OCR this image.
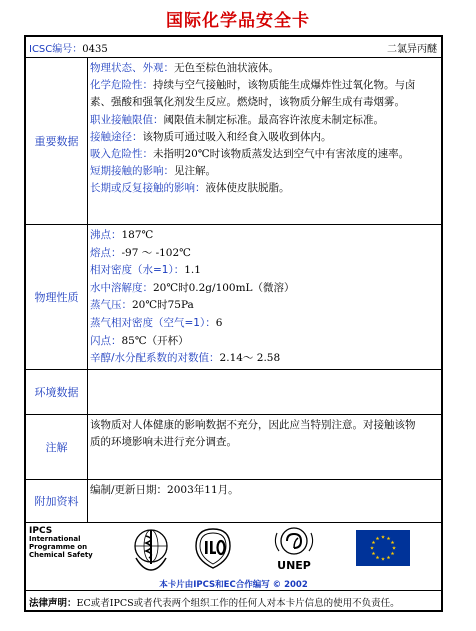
国际化学品安全卡
ICSC编号：0435	二氯异丙醚
重要数据
物理状态、外观：无色至棕色油状液体。
化学危险性：持续与空气接触时，该物质能生成爆炸性过氧化物。与卤
素、强酸和强氧化剂发生反应。燃烧时，该物质分解生成有毒烟雾。
职业接触限值：阈限值未制定标准。最高容许浓度未制定标准。
接触途径：该物质可通过吸入和经食入吸收到体内。
吸入危险性：未指明20℃时该物质蒸发达到空气中有害浓度的速率。
短期接触的影响：见注解。
长期或反复接触的影响：液体使皮肤脱脂。
物理性质
沸点：187℃
熔点：-97 ～ -102℃
相对密度（水=1）：1.1
水中溶解度：20℃时0.2g/100mL（微溶）
蒸气压：20℃时75Pa
蒸气相对密度（空气=1）：6
闪点：85℃（开杯）
辛醇/水分配系数的对数值：2.14～ 2.58
环境数据
注解
该物质对人体健康的影响数据不充分，因此应当特别注意。对接触该物
质的环境影响未进行充分调查。
附加资料
编制/更新日期：2003年11月。
IPCS
International
Programme on
Chemical Safety
UNEP
本卡片由IPCS和EC合作编写 © 2002
法律声明：EC或者IPCS或者代表两个组织工作的任何人对本卡片信息的使用不负责任。
